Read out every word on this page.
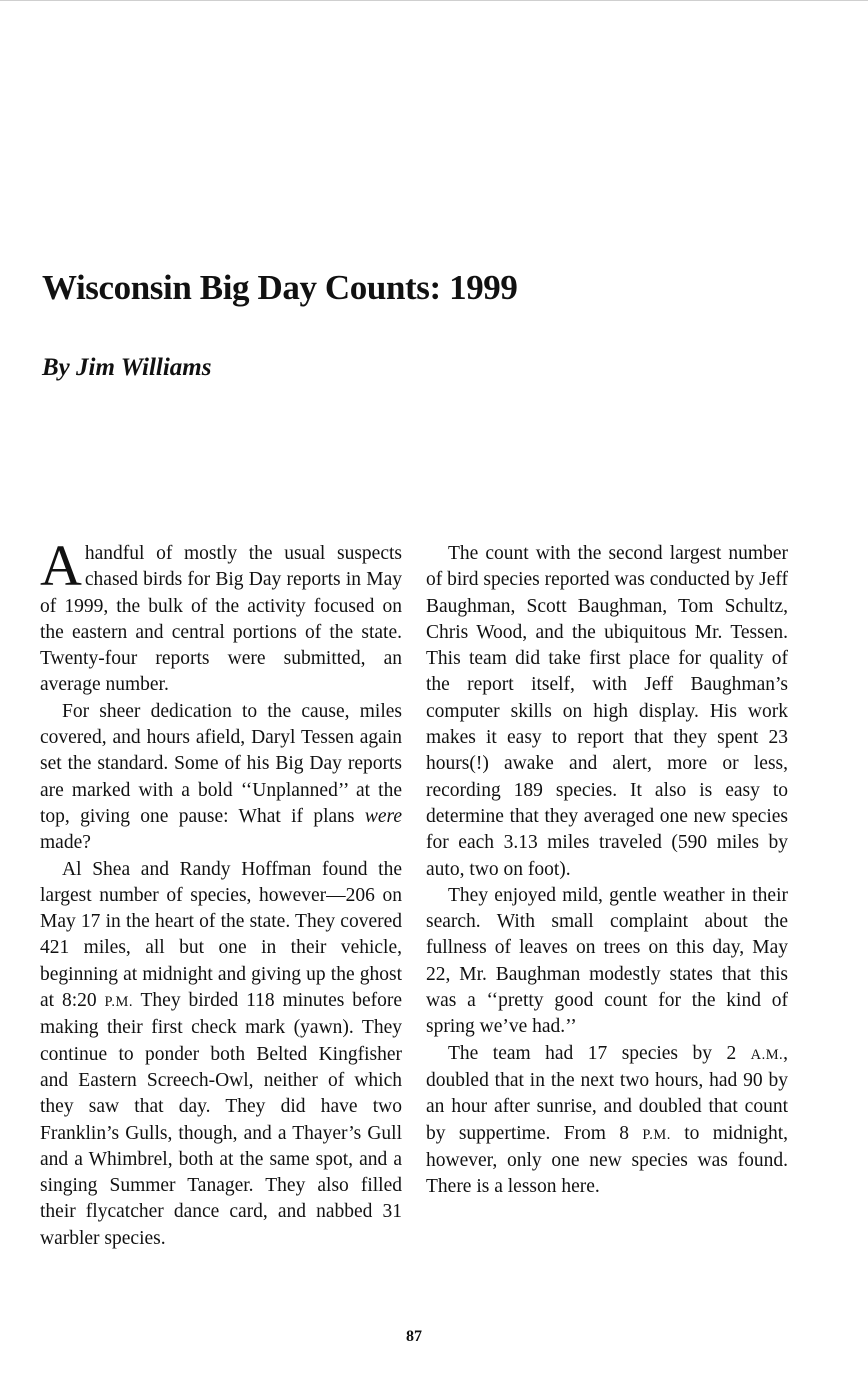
Wisconsin Big Day Counts: 1999
By Jim Williams

A handful of mostly the usual suspects chased birds for Big Day reports in May of 1999, the bulk of the activity focused on the eastern and central portions of the state. Twenty-four reports were submitted, an average number.

For sheer dedication to the cause, miles covered, and hours afield, Daryl Tessen again set the standard. Some of his Big Day reports are marked with a bold ‘‘Unplanned’’ at the top, giving one pause: What if plans were made?

Al Shea and Randy Hoffman found the largest number of species, however—206 on May 17 in the heart of the state. They covered 421 miles, all but one in their vehicle, beginning at midnight and giving up the ghost at 8:20 P.M. They birded 118 minutes before making their first check mark (yawn). They continue to ponder both Belted Kingfisher and Eastern Screech-Owl, neither of which they saw that day. They did have two Franklin’s Gulls, though, and a Thayer’s Gull and a Whimbrel, both at the same spot, and a singing Summer Tanager. They also filled their flycatcher dance card, and nabbed 31 warbler species.

The count with the second largest number of bird species reported was conducted by Jeff Baughman, Scott Baughman, Tom Schultz, Chris Wood, and the ubiquitous Mr. Tessen. This team did take first place for quality of the report itself, with Jeff Baughman’s computer skills on high display. His work makes it easy to report that they spent 23 hours(!) awake and alert, more or less, recording 189 species. It also is easy to determine that they averaged one new species for each 3.13 miles traveled (590 miles by auto, two on foot).

They enjoyed mild, gentle weather in their search. With small complaint about the fullness of leaves on trees on this day, May 22, Mr. Baughman modestly states that this was a ‘‘pretty good count for the kind of spring we’ve had.’’

The team had 17 species by 2 A.M., doubled that in the next two hours, had 90 by an hour after sunrise, and doubled that count by suppertime. From 8 P.M. to midnight, however, only one new species was found. There is a lesson here.

87
